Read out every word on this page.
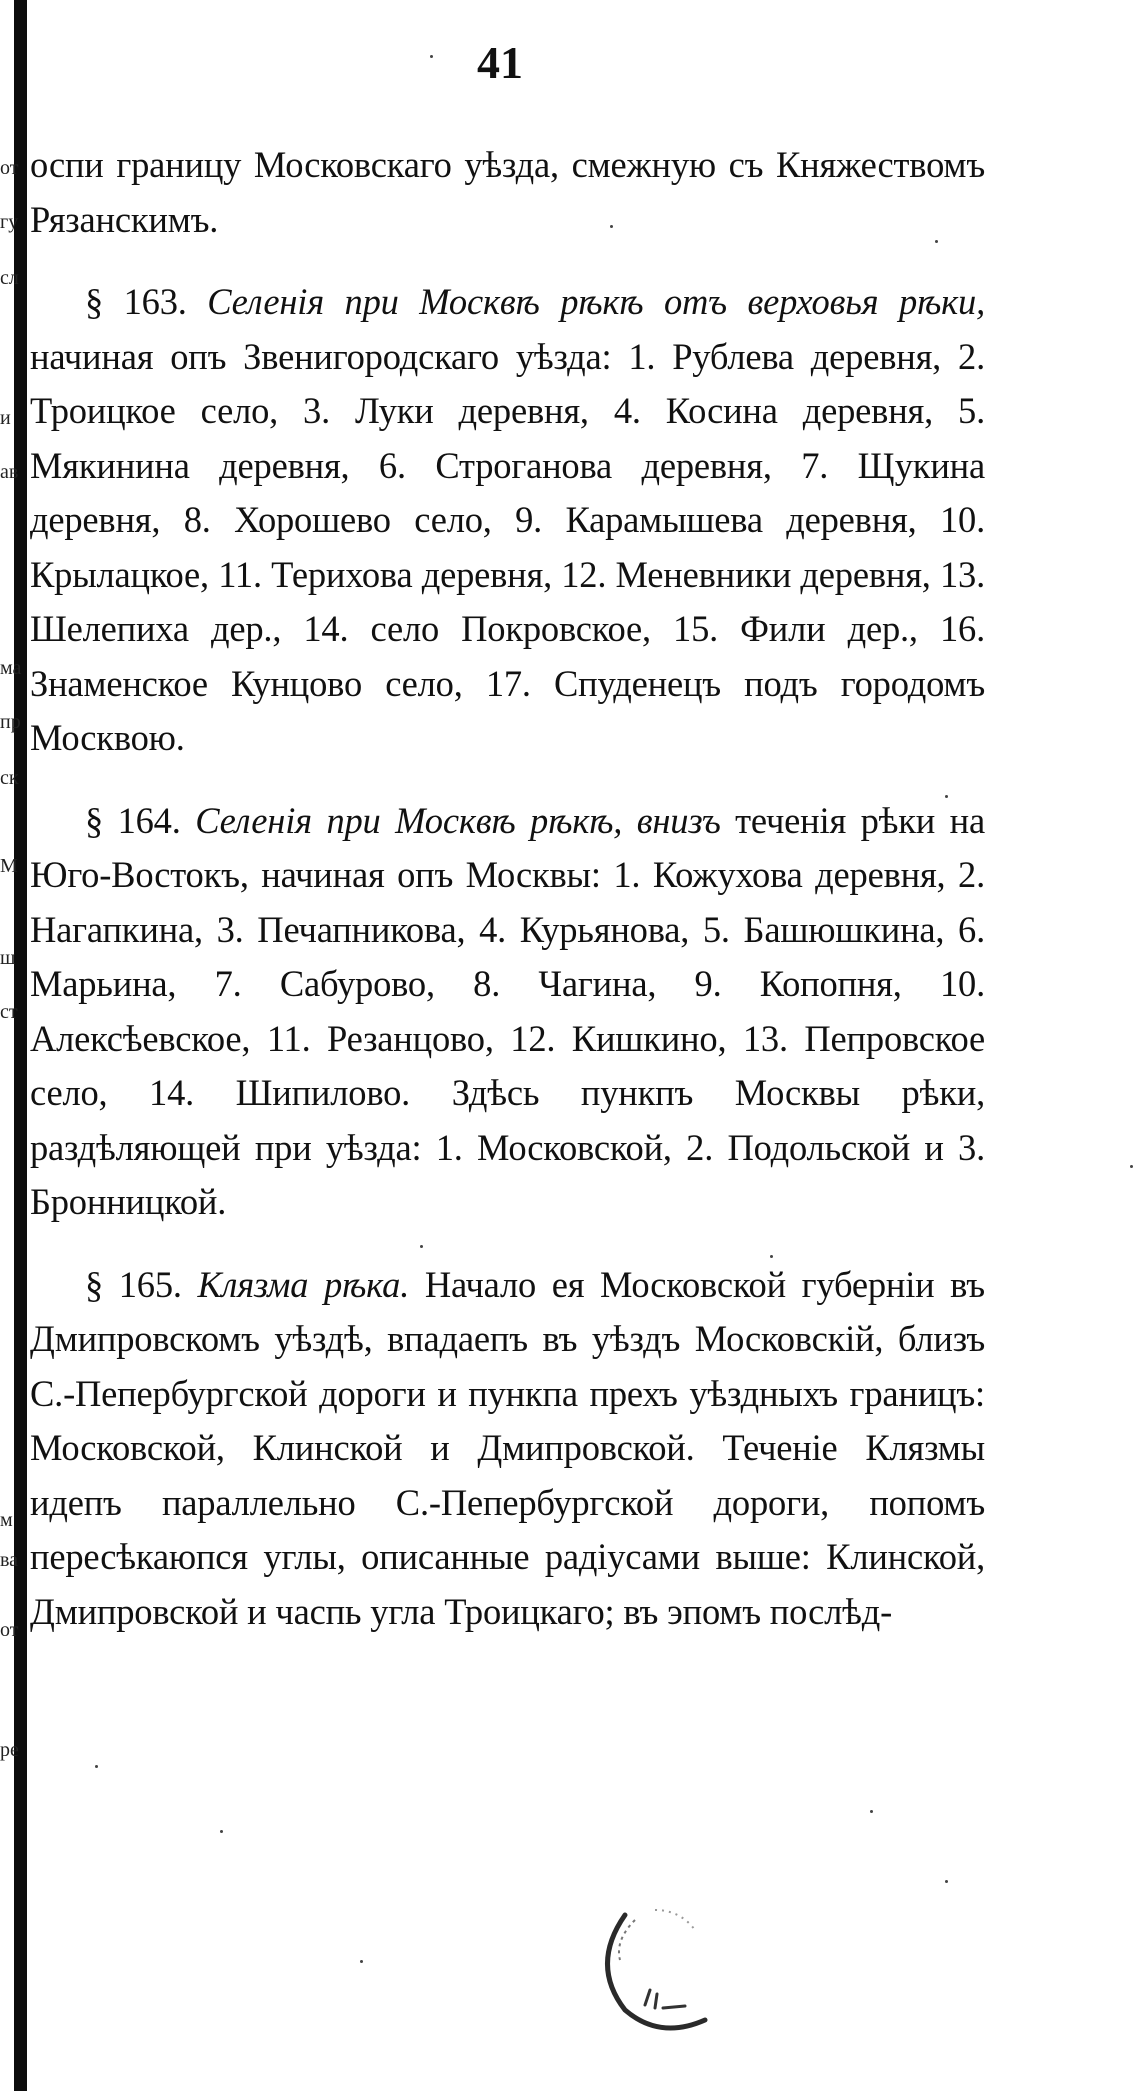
от
гу
сл
и
ав
ма
пр
ск
М
ш
ст
м
ва
от
ре
41

оспи границу Московскаго уѣзда, смежную съ Княжествомъ Рязанскимъ.

§ 163. Селенія при Москвѣ рѣкѣ отъ верховья рѣки, начиная опъ Звенигородскаго уѣзда: 1. Рублева деревня, 2. Троицкое село, 3. Луки деревня, 4. Косина деревня, 5. Мякинина деревня, 6. Строганова деревня, 7. Щукина деревня, 8. Хорошево село, 9. Карамышева деревня, 10. Крылацкое, 11. Терихова деревня, 12. Меневники деревня, 13. Шелепиха дер., 14. село Покровское, 15. Фили дер., 16. Знаменское Кунцово село, 17. Спуденецъ подъ городомъ Москвою.

§ 164. Селенія при Москвѣ рѣкѣ, внизъ теченія рѣки на Юго-Востокъ, начиная опъ Москвы: 1. Кожухова деревня, 2. Нагапкина, 3. Печапникова, 4. Курьянова, 5. Башюшкина, 6. Марьина, 7. Сабурово, 8. Чагина, 9. Копопня, 10. Алексѣевское, 11. Резанцово, 12. Кишкино, 13. Пепровское село, 14. Шипилово. Здѣсь пункпъ Москвы рѣки, раздѣляющей при уѣзда: 1. Московской, 2. Подольской и 3. Бронницкой.

§ 165. Клязма рѣка. Начало ея Московской губерніи въ Дмипровскомъ уѣздѣ, впадаепъ въ уѣздъ Московскій, близъ С.-Пепербургской дороги и пункпа прехъ уѣздныхъ границъ: Московской, Клинской и Дмипровской. Теченіе Клязмы идепъ параллельно С.-Пепербургской дороги, попомъ пересѣкаюпся углы, описанные радіусами выше: Клинской, Дмипровской и часпь угла Троицкаго; въ эпомъ послѣд-
